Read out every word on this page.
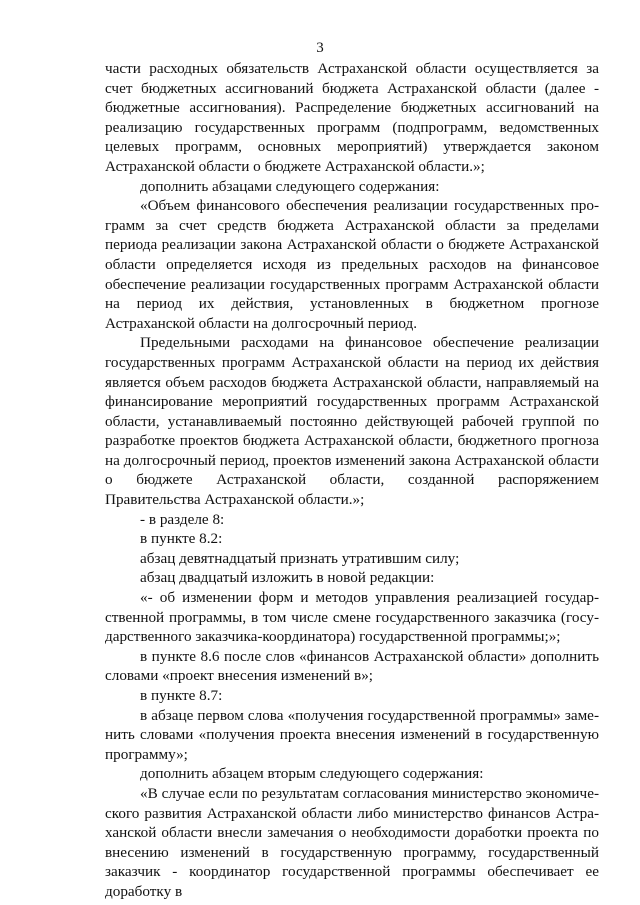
3

части расходных обязательств Астраханской области осуществляется за счет бюджетных ассигнований бюджета Астраханской области (далее - бюджетные ассигнования). Распределение бюджетных ассигнований на реализацию государственных программ (подпрограмм, ведомственных целевых программ, основных мероприятий) утверждается законом Астраханской области о бюджете Астраханской области.»;

дополнить абзацами следующего содержания:

«Объем финансового обеспечения реализации государственных программ за счет средств бюджета Астраханской области за пределами периода реализации закона Астраханской области о бюджете Астраханской области определяется исходя из предельных расходов на финансовое обеспечение реализации государственных программ Астраханской области на период их действия, установленных в бюджетном прогнозе Астраханской области на долгосрочный период.

Предельными расходами на финансовое обеспечение реализации государственных программ Астраханской области на период их действия является объем расходов бюджета Астраханской области, направляемый на финансирование мероприятий государственных программ Астраханской области, устанавливаемый постоянно действующей рабочей группой по разработке проектов бюджета Астраханской области, бюджетного прогноза на долгосрочный период, проектов изменений закона Астраханской области о бюджете Астраханской области, созданной распоряжением Правительства Астраханской области.»;

- в разделе 8:

в пункте 8.2:

абзац девятнадцатый признать утратившим силу;

абзац двадцатый изложить в новой редакции:

«- об изменении форм и методов управления реализацией государственной программы, в том числе смене государственного заказчика (государственного заказчика-координатора) государственной программы;»;

в пункте 8.6 после слов «финансов Астраханской области» дополнить словами «проект внесения изменений в»;

в пункте 8.7:

в абзаце первом слова «получения государственной программы» заменить словами «получения проекта внесения изменений в государственную программу»;

дополнить абзацем вторым следующего содержания:

«В случае если по результатам согласования министерство экономического развития Астраханской области либо министерство финансов Астраханской области внесли замечания о необходимости доработки проекта по внесению изменений в государственную программу, государственный заказчик - координатор государственной программы обеспечивает ее доработку в
